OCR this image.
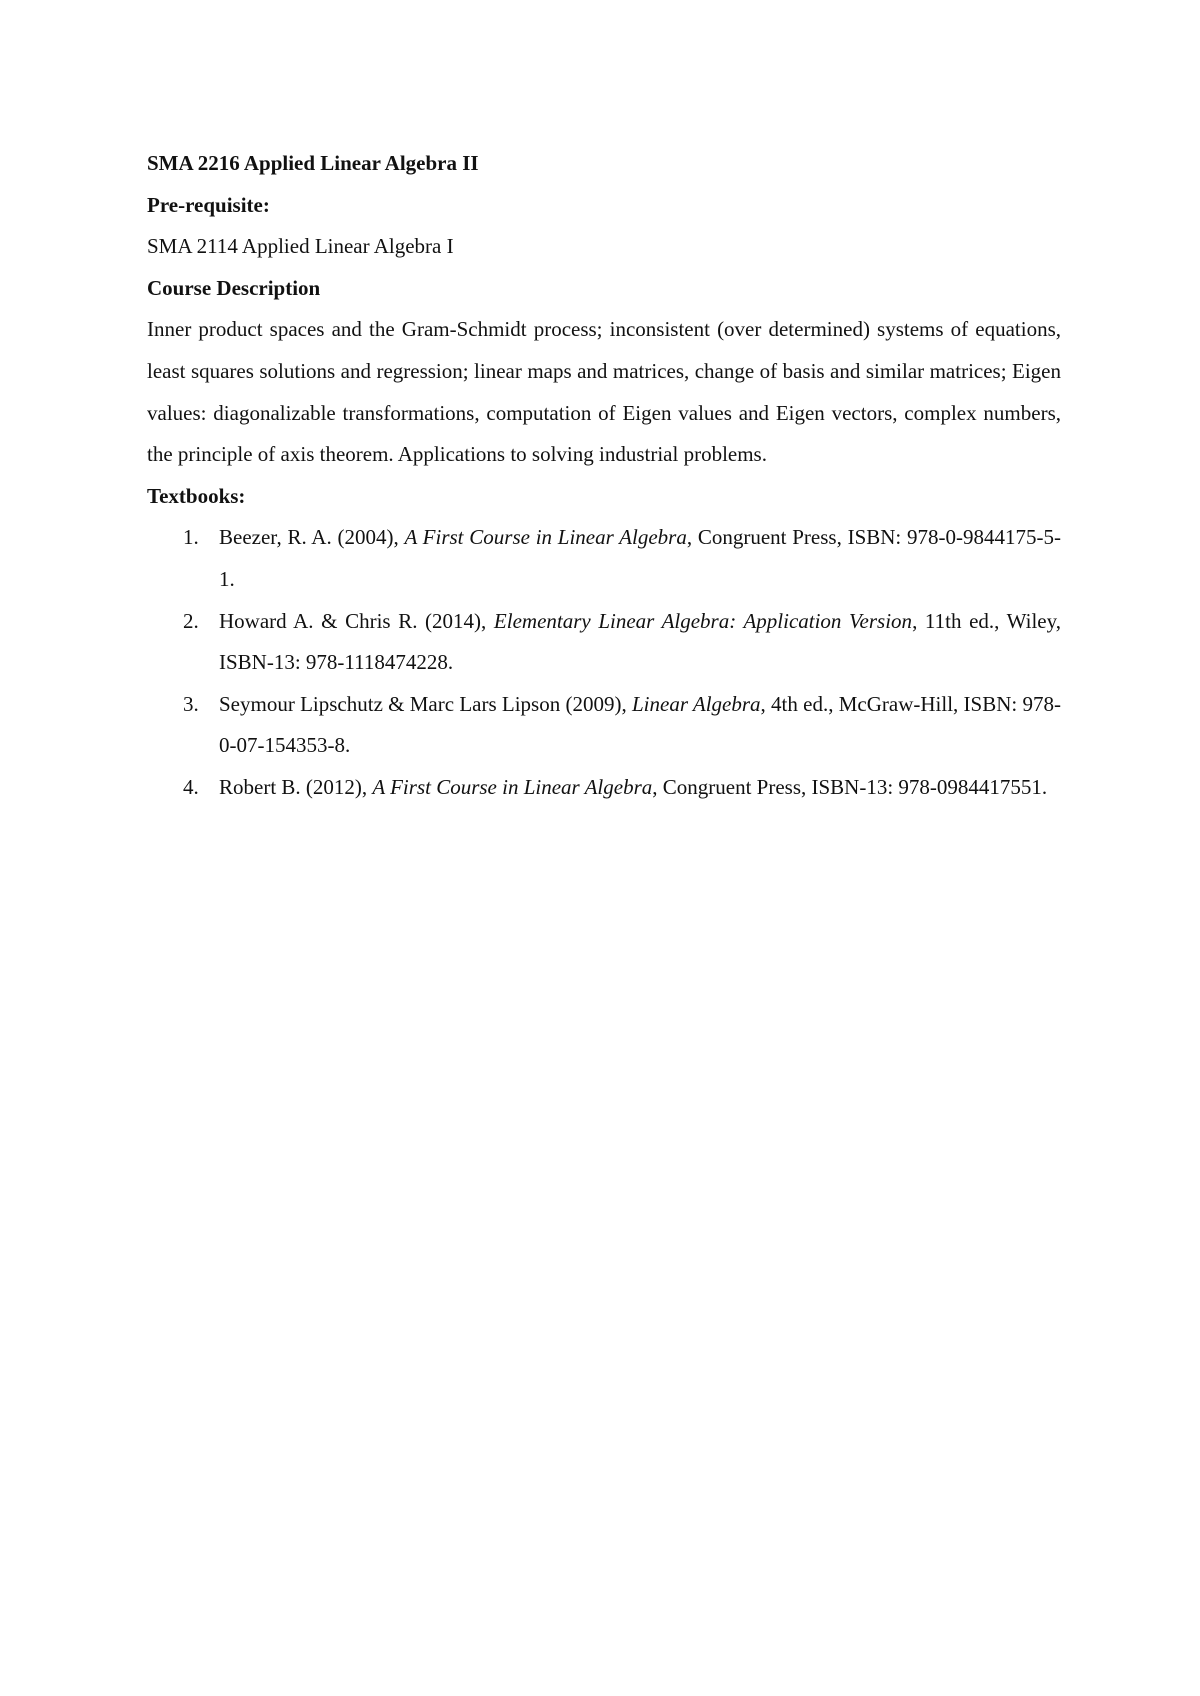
SMA 2216 Applied Linear Algebra II

Pre-requisite:

SMA 2114 Applied Linear Algebra I

Course Description

Inner product spaces and the Gram-Schmidt process; inconsistent (over determined) systems of equations, least squares solutions and regression; linear maps and matrices, change of basis and similar matrices; Eigen values: diagonalizable transformations, computation of Eigen values and Eigen vectors, complex numbers, the principle of axis theorem. Applications to solving industrial problems.

Textbooks:

1. Beezer, R. A. (2004), A First Course in Linear Algebra, Congruent Press, ISBN: 978-0-9844175-5-1.
2. Howard A. & Chris R. (2014), Elementary Linear Algebra: Application Version, 11th ed., Wiley, ISBN-13: 978-1118474228.
3. Seymour Lipschutz & Marc Lars Lipson (2009), Linear Algebra, 4th ed., McGraw-Hill, ISBN: 978-0-07-154353-8.
4. Robert B. (2012), A First Course in Linear Algebra, Congruent Press, ISBN-13: 978-0984417551.
